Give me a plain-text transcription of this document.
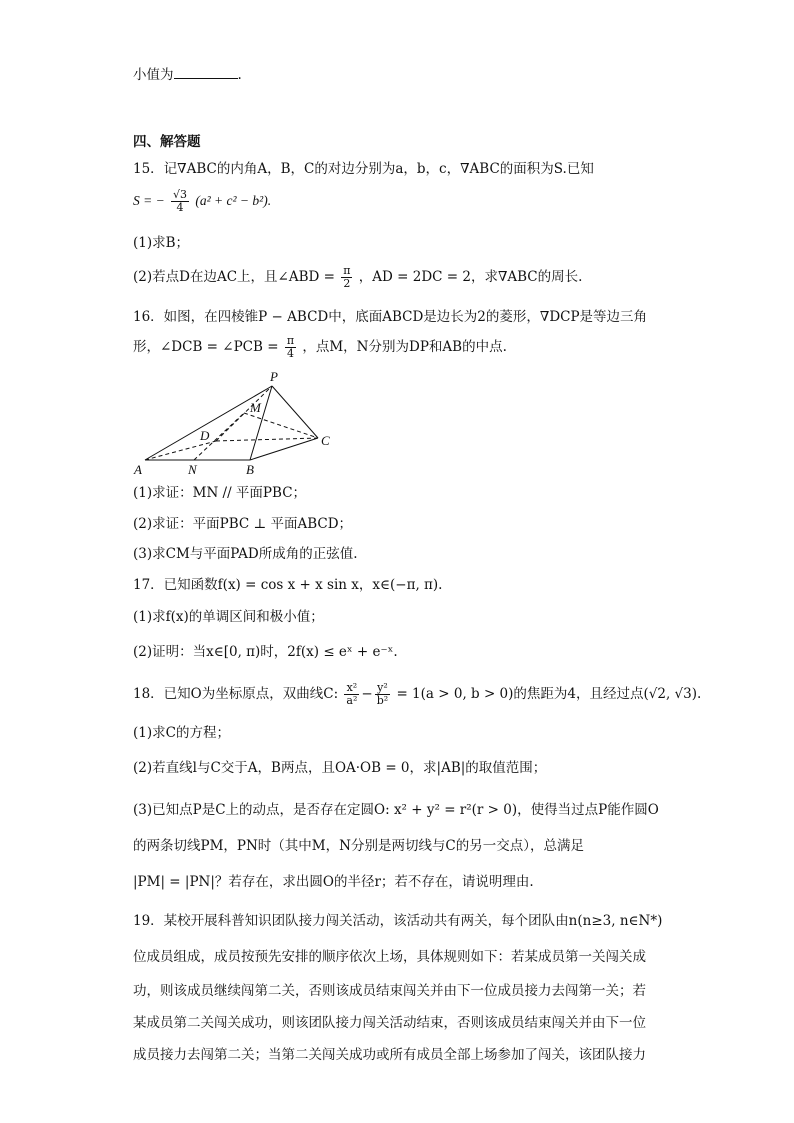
小值为	.
四、解答题
15．记∇ABC的内角A，B，C的对边分别为a，b，c，∇ABC的面积为S.已知
S = − $\frac{√3}{4} (a^2 + c^2 - b^2)$.
(1)求B；
(2)若点D在边AC上，且∠ABD = $\frac{\pi}{2}$ ，AD = 2DC = 2，求∇ABC的周长.
16．如图，在四棱锥P − ABCD中，底面ABCD是边长为2的菱形，∇DCP是等边三角
形，∠DCB = ∠PCB = $\frac{\pi}{4}$ ，点M，N分别为DP和AB的中点.
P
M
D	C
A	N	B
(1)求证：MN // 平面PBC；
(2)求证：平面PBC ⊥ 平面ABCD；
(3)求CM与平面PAD所成角的正弦值.
17．已知函数f(x) = cos x + x sin x，x∈(−π, π).
(1)求f(x)的单调区间和极小值；
(2)证明：当x∈[0, π)时，2f(x) ≤ eˣ + e⁻ˣ.
18．已知O为坐标原点，双曲线C: $\frac{\text{x²}}{\text{a²}} - \frac{\text{y²}}{\text{b²}} = 1(a > 0$, b > 0)的焦距为4，且经过点(√2, √3).
(1)求C的方程；
(2)若直线l与C交于A，B两点，且OA·OB = 0，求|AB|的取值范围；
(3)已知点P是C上的动点，是否存在定圆O: x² + y² = r²(r > 0)，使得当过点P能作圆O
的两条切线PM，PN时（其中M，N分别是两切线与C的另一交点），总满足
|PM| = |PN|？若存在，求出圆O的半径r；若不存在，请说明理由.
19．某校开展科普知识团队接力闯关活动，该活动共有两关，每个团队由n(n≥3, n∈N*)
位成员组成，成员按预先安排的顺序依次上场，具体规则如下：若某成员第一关闯关成
功，则该成员继续闯第二关，否则该成员结束闯关并由下一位成员接力去闯第一关；若
某成员第二关闯关成功，则该团队接力闯关活动结束，否则该成员结束闯关并由下一位
成员接力去闯第二关；当第二关闯关成功或所有成员全部上场参加了闯关，该团队接力
